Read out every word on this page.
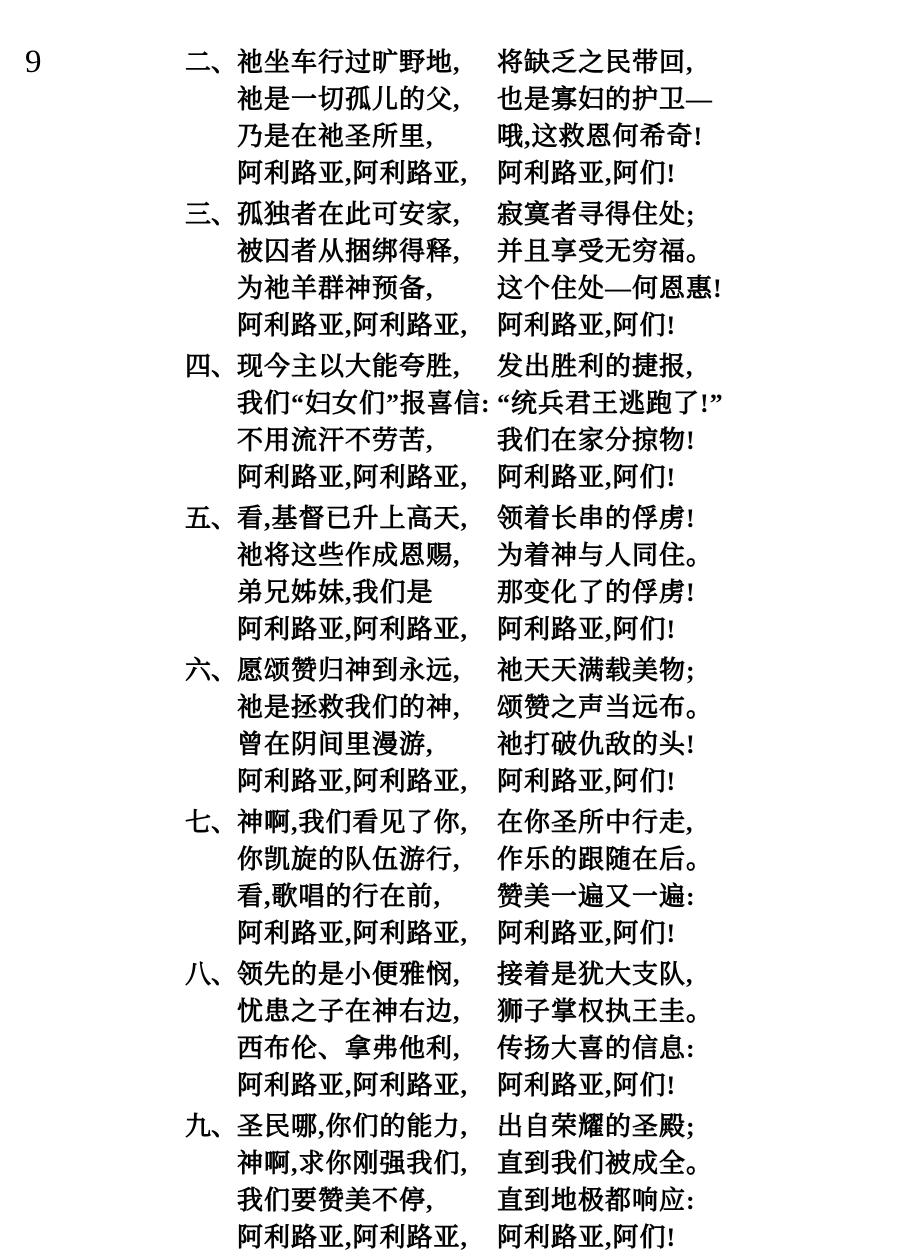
9	二、 祂坐车行过旷野地,
祂是一切孤儿的父,
乃是在祂圣所里,
阿利路亚,阿利路亚,
将缺乏之民带回,
也是寡妇的护卫—
哦,这救恩何希奇!
阿利路亚,阿们!
三、 孤独者在此可安家,
被囚者从捆绑得释,
为祂羊群神预备,
阿利路亚,阿利路亚,
寂寞者寻得住处;
并且享受无穷福。
这个住处—何恩惠!
阿利路亚,阿们!
四、 现今主以大能夸胜,
我们“妇女们”报喜信:
不用流汗不劳苦,
阿利路亚,阿利路亚,
发出胜利的捷报,
“统兵君王逃跑了!”
我们在家分掠物!
阿利路亚,阿们!
五、 看,基督已升上高天,
祂将这些作成恩赐,
弟兄姊妹,我们是
阿利路亚,阿利路亚,
领着长串的俘虏!
为着神与人同住。
那变化了的俘虏!
阿利路亚,阿们!
六、 愿颂赞归神到永远,
祂是拯救我们的神,
曾在阴间里漫游,
阿利路亚,阿利路亚,
祂天天满载美物;
颂赞之声当远布。
祂打破仇敌的头!
阿利路亚,阿们!
七、 神啊,我们看见了你,
你凯旋的队伍游行,
看,歌唱的行在前,
阿利路亚,阿利路亚,
在你圣所中行走,
作乐的跟随在后。
赞美一遍又一遍:
阿利路亚,阿们!
八、 领先的是小便雅悯,
忧患之子在神右边,
西布伦、拿弗他利,
阿利路亚,阿利路亚,
接着是犹大支队,
狮子掌权执王圭。
传扬大喜的信息:
阿利路亚,阿们!
九、 圣民哪,你们的能力,
神啊,求你刚强我们,
我们要赞美不停,
阿利路亚,阿利路亚,
出自荣耀的圣殿;
直到我们被成全。
直到地极都响应:
阿利路亚,阿们!
